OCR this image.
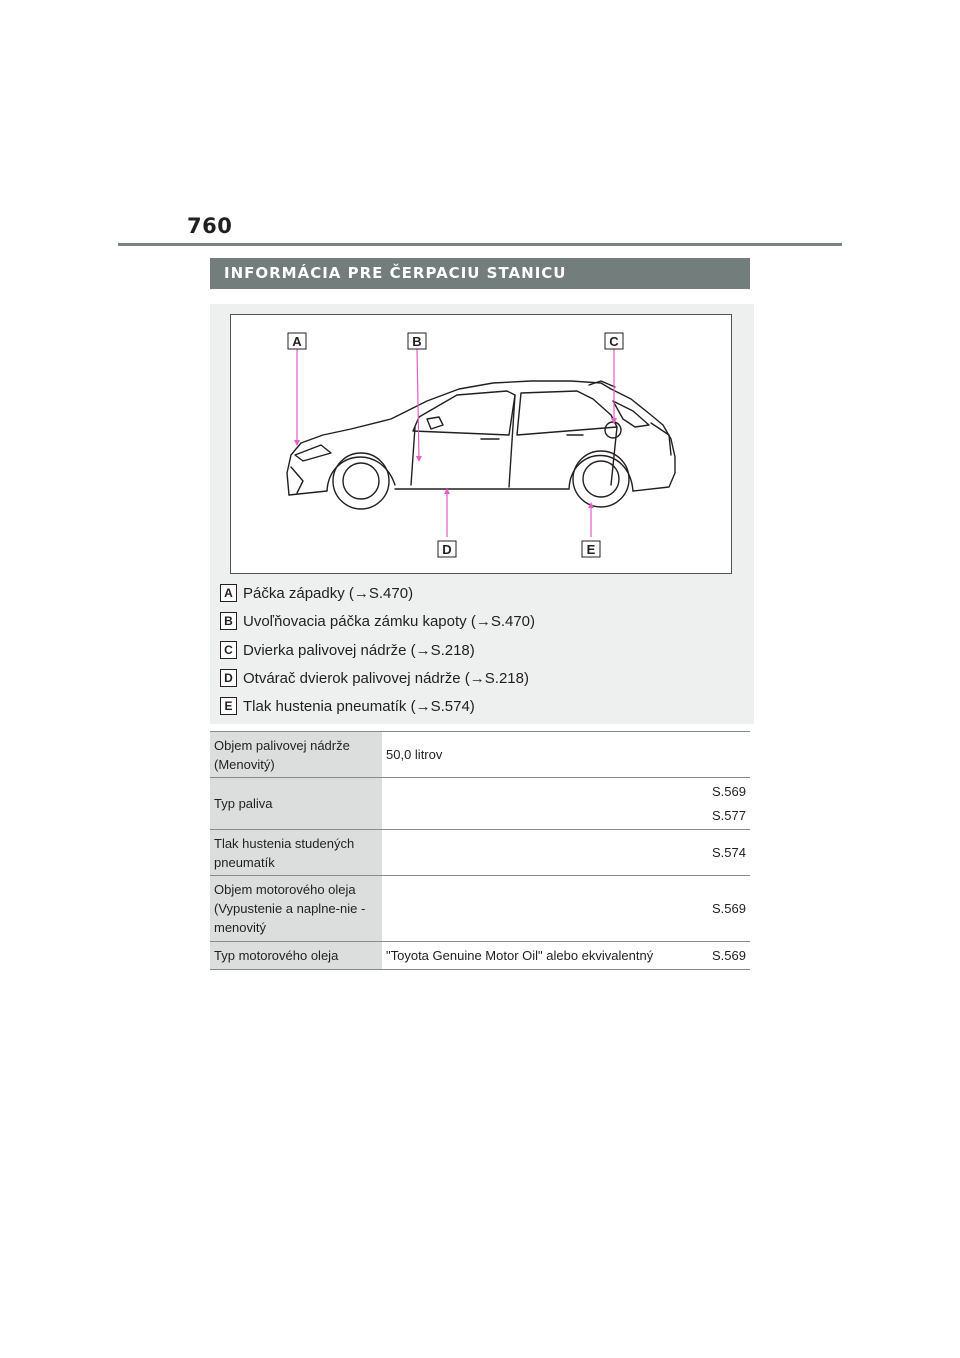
760
INFORMÁCIA PRE ČERPACIU STANICU
A	B	C
D	E
A Páčka západky (→S.470)
B Uvoľňovacia páčka zámku kapoty (→S.470)
C Dvierka palivovej nádrže (→S.218)
D Otvárač dvierok palivovej nádrže (→S.218)
E Tlak hustenia pneumatík (→S.574)
Objem palivovej nádrže (Menovitý)	50,0 litrov	
Typ paliva		S.569
S.577

Tlak hustenia studených pneumatík		S.574

Objem motorového oleja (Vypustenie a naplne-nie - menovitý		S.569

Typ motorového oleja	"Toyota Genuine Motor Oil" alebo ekvivalentný	S.569
